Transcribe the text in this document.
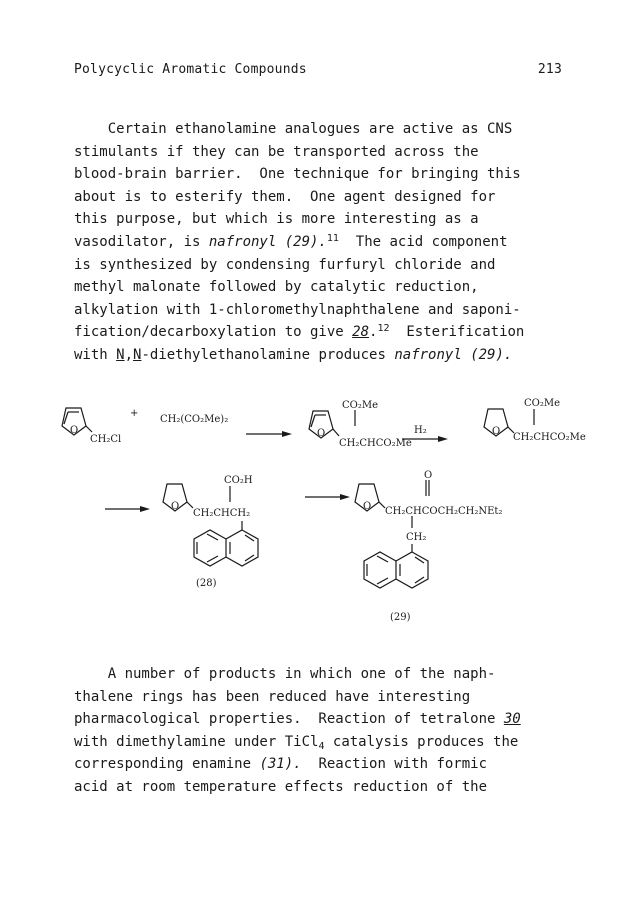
Polycyclic Aromatic Compounds	213
Certain ethanolamine analogues are active as CNS
stimulants if they can be transported across the
blood-brain barrier.  One technique for bringing this
about is to esterify them.  One agent designed for
this purpose, but which is more interesting as a
vasodilator, is nafronyl (29).$^{11}$  The acid component
is synthesized by condensing furfuryl chloride and
methyl malonate followed by catalytic reduction,
alkylation with 1-chloromethylnaphthalene and saponi-
fication/decarboxylation to give 28.12  Esterification
with N,N-diethylethanolamine produces nafronyl (29).
O
CH₂Cl
+
CH₂(CO₂Me)₂
O
CO₂Me
CH₂CHCO₂Me
H₂	O
CO₂Me
CH₂CHCO₂Me
O
CO₂H
CH₂CHCH₂
(28)
O
O
CH₂CHCOCH₂CH₂NEt₂
CH₂
(29)
A number of products in which one of the naph-
thalene rings has been reduced have interesting
pharmacological properties.  Reaction of tetralone 30
with dimethylamine under TiCl$_4$ catalysis produces the
corresponding enamine (31).  Reaction with formic
acid at room temperature effects reduction of the
